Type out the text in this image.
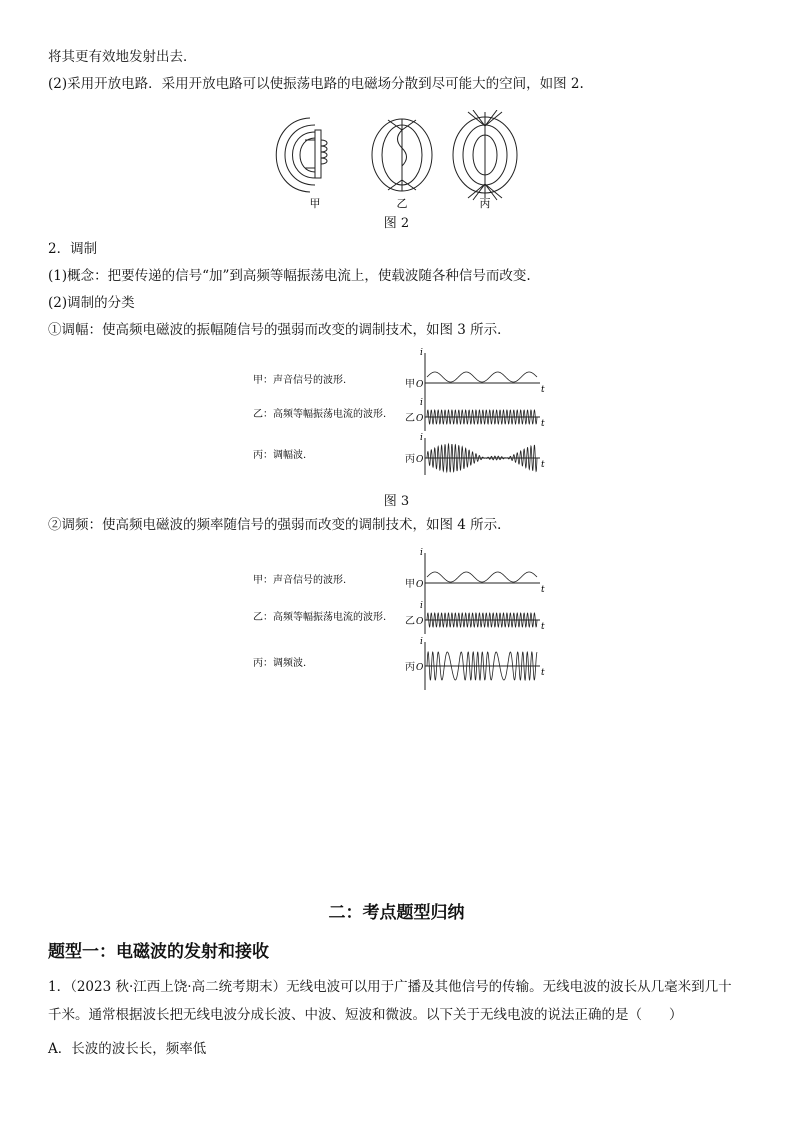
将其更有效地发射出去．
(2)采用开放电路．采用开放电路可以使振荡电路的电磁场分散到尽可能大的空间，如图 2.
甲	乙	丙
图 2
2．调制
(1)概念：把要传递的信号“加”到高频等幅振荡电流上，使载波随各种信号而改变.
(2)调制的分类
①调幅：使高频电磁波的振幅随信号的强弱而改变的调制技术，如图 3 所示．
甲：声音信号的波形.	甲 O
i
t
乙：高频等幅振荡电流的波形. 乙 O
i
t
丙：调幅波.	丙 O
i
t
图 3
②调频：使高频电磁波的频率随信号的强弱而改变的调制技术，如图 4 所示．
甲：声音信号的波形.	甲 O
i
t
乙：高频等幅振荡电流的波形. 乙 O
i
t
丙：调频波.	丙 O
i
t
二：考点题型归纳
题型一：电磁波的发射和接收
1．（2023 秋·江西上饶·高二统考期末）无线电波可以用于广播及其他信号的传输。无线电波的波长从几毫米到几十
千米。通常根据波长把无线电波分成长波、中波、短波和微波。以下关于无线电波的说法正确的是（　　）
A．长波的波长长，频率低
